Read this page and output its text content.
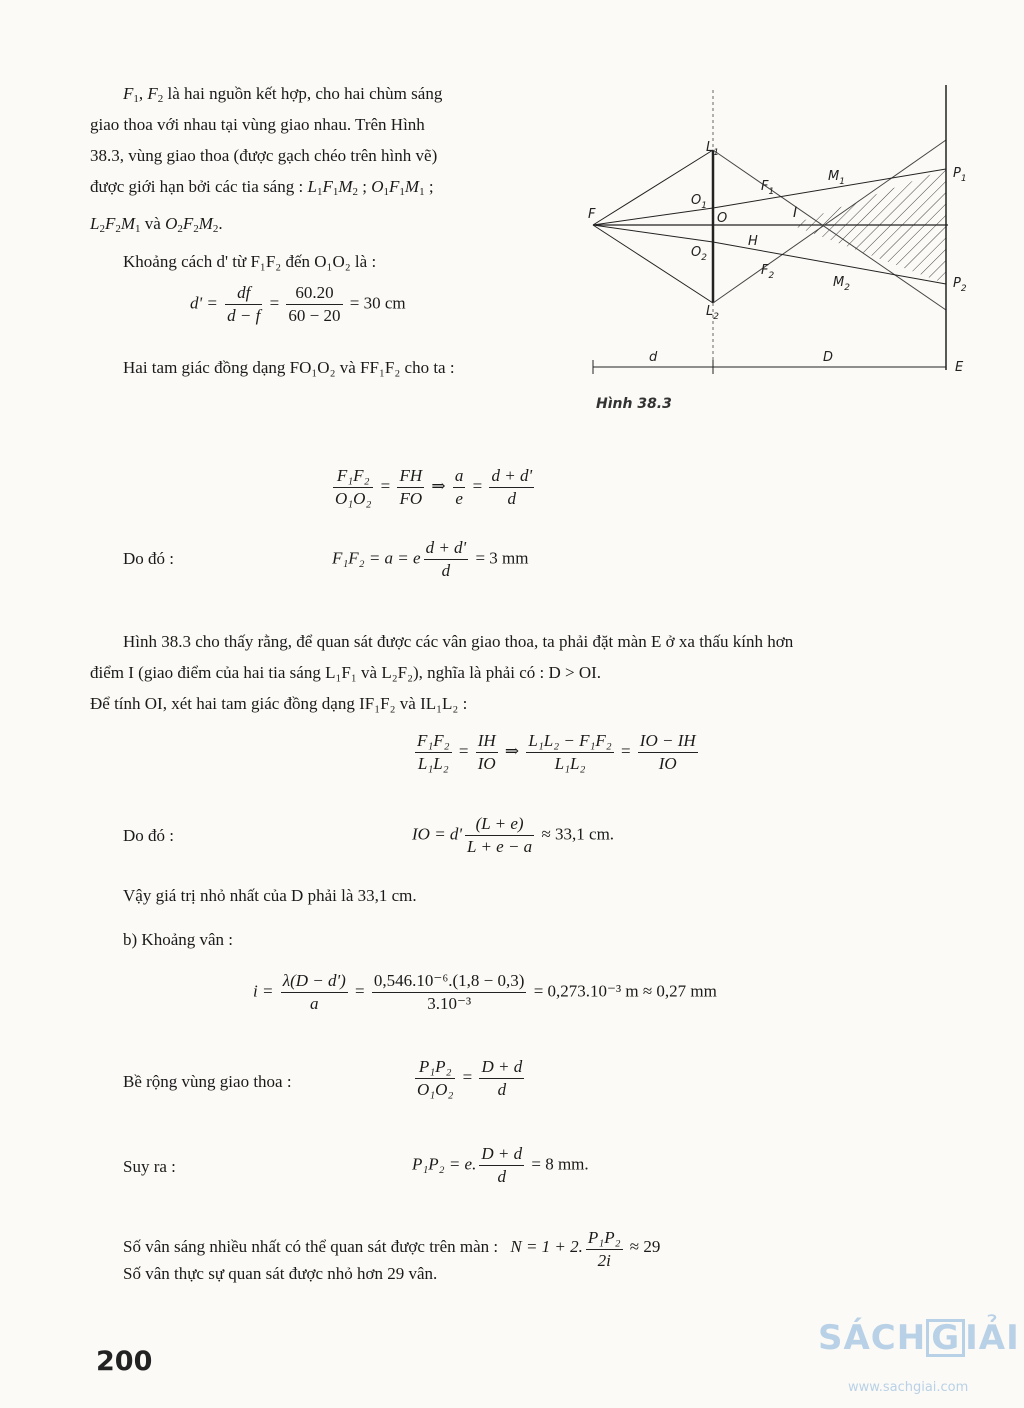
$F_1$, $F_2$ là hai nguồn kết hợp, cho hai chùm sáng
giao thoa với nhau tại vùng giao nhau. Trên Hình
38.3, vùng giao thoa (được gạch chéo trên hình vẽ)
được giới hạn bởi các tia sáng : $L_1F_1M_2$ ; $O_1F_1M_1$ ;
$L_2F_2M_1$ và $O_2F_2M_2$.
Khoảng cách d' từ F₁F₂ đến O₁O₂ là :
$d' = \frac{df}{d - f} = \frac{60.20}{60 - 20} = 30$ cm
Hai tam giác đồng dạng FO₁O₂ và FF₁F₂ cho ta :
F
$L_1$
$L_2$
$O_1$
$O_2$
O
$F_1$
$F_2$
$M_1$
$M_2$
I
H
$P_1$
$P_2$
d	D
E
Hình 38.3
$\frac{\text{F₁F₂}}{\text{O₁O₂}} = \frac{FH}{FO}$ ⇒ $\frac{a}{e} = \frac{d + d'}{d}$
Do đó :	F₁F₂ = a = e $\frac{d + d'}{d} = 3$ mm
Hình 38.3 cho thấy rằng, để quan sát được các vân giao thoa, ta phải đặt màn E ở xa thấu kính hơn
điểm I (giao điểm của hai tia sáng L₁F₁ và L₂F₂), nghĩa là phải có : D > OI.
Để tính OI, xét hai tam giác đồng dạng IF₁F₂ và IL₁L₂ :
$\frac{\text{F₁F₂}}{\text{L₁L₂}} = \frac{IH}{IO}$ ⇒ $\frac{\text{L₁L₂ − F₁F₂}}{\text{L₁L₂}} = \frac{IO - IH}{IO}$
Do đó :	IO = $d' \frac{(L + e)}{L + e - a} \approx 33,1$ cm.
Vậy giá trị nhỏ nhất của D phải là 33,1 cm.
b) Khoảng vân :
$i = \frac{\lambda(D - d')}{a} = \frac{\text{0,546.10⁻⁶.(1,8 − 0,3)}}{\text{3.10⁻³}} = 0,273.10^{-3}$ m ≈ 0,27 mm
Bề rộng vùng giao thoa :	$\frac{\text{P₁P₂}}{\text{O₁O₂}} = \frac{D + d}{d}$
Suy ra :	P₁P₂ = e. $\frac{D + d}{d} = 8$ mm.
Số vân sáng nhiều nhất có thể quan sát được trên màn : N = 1 + 2. $\frac{\text{P₁P₂}}{2i} \approx 29$
Số vân thực sự quan sát được nhỏ hơn 29 vân.
200
SÁCH G IẢI
www.sachgiai.com
